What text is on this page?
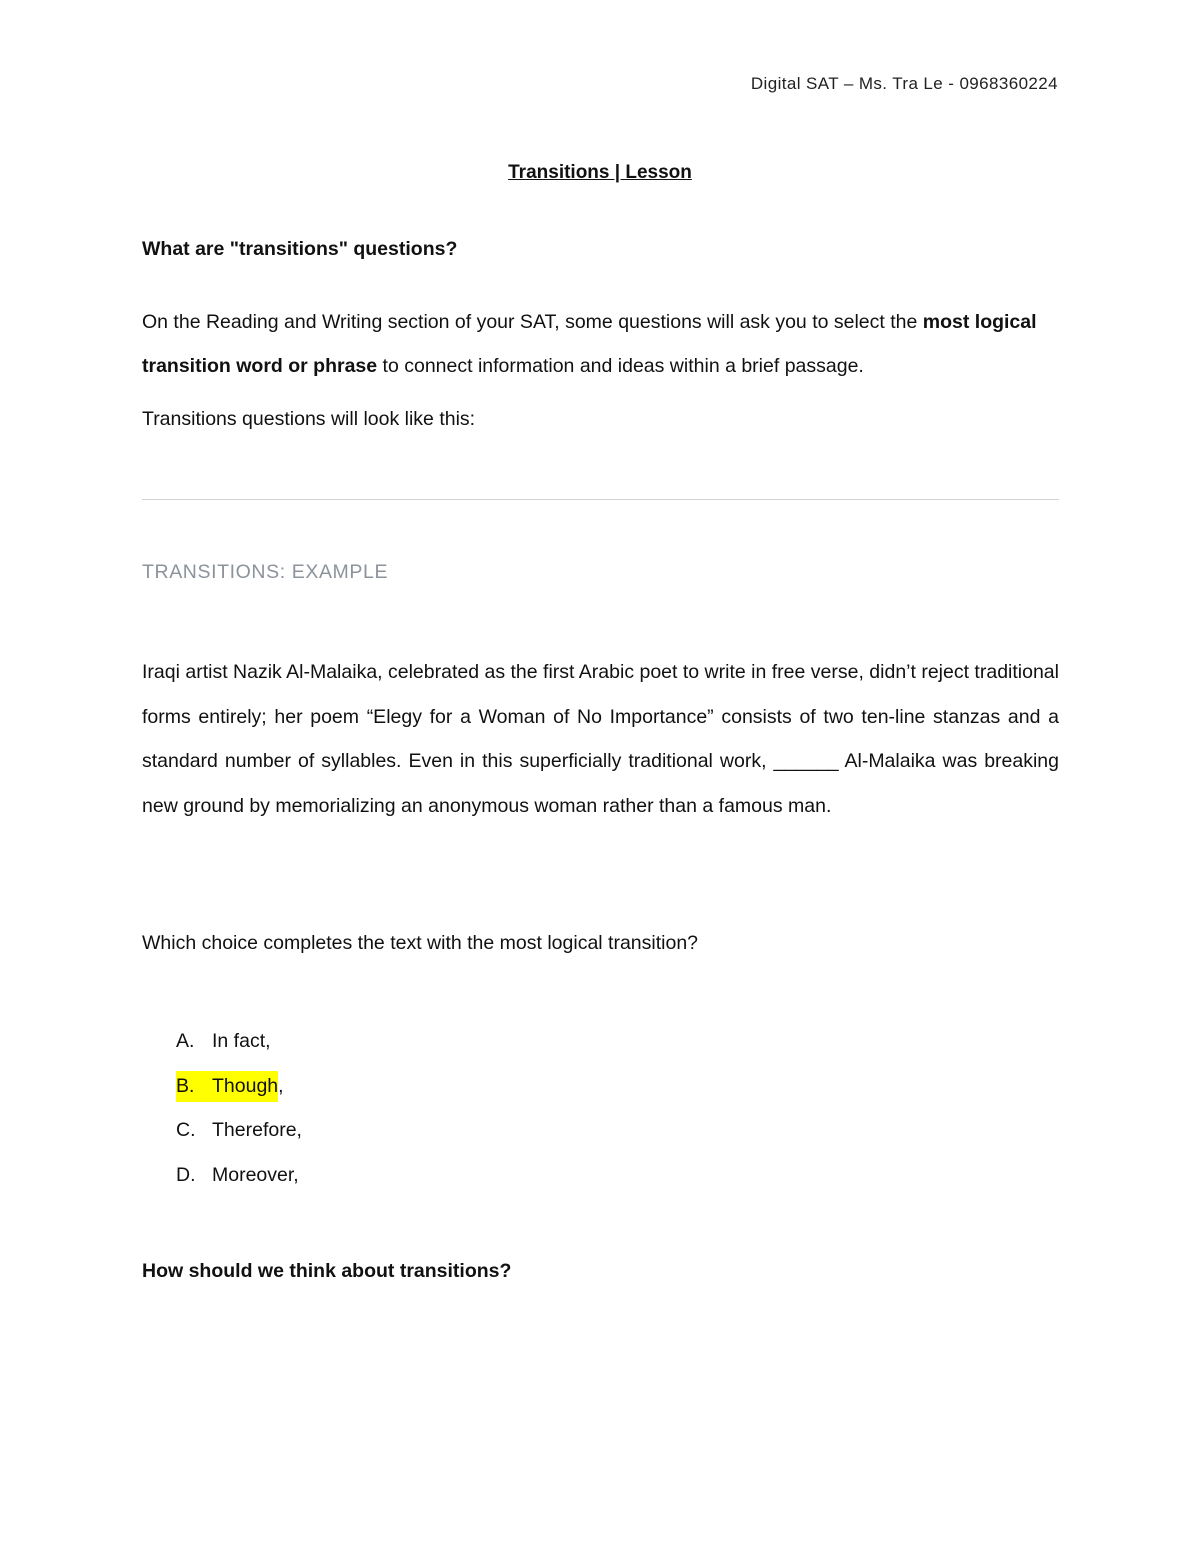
Digital SAT – Ms. Tra Le - 0968360224
Transitions | Lesson
What are "transitions" questions?
On the Reading and Writing section of your SAT, some questions will ask you to select the most logical transition word or phrase to connect information and ideas within a brief passage.
Transitions questions will look like this:
TRANSITIONS: EXAMPLE
Iraqi artist Nazik Al-Malaika, celebrated as the first Arabic poet to write in free verse, didn’t reject traditional forms entirely; her poem “Elegy for a Woman of No Importance” consists of two ten-line stanzas and a standard number of syllables. Even in this superficially traditional work, ______ Al-Malaika was breaking new ground by memorializing an anonymous woman rather than a famous man.
Which choice completes the text with the most logical transition?
A. In fact,
B. Though,
C. Therefore,
D. Moreover,
How should we think about transitions?
